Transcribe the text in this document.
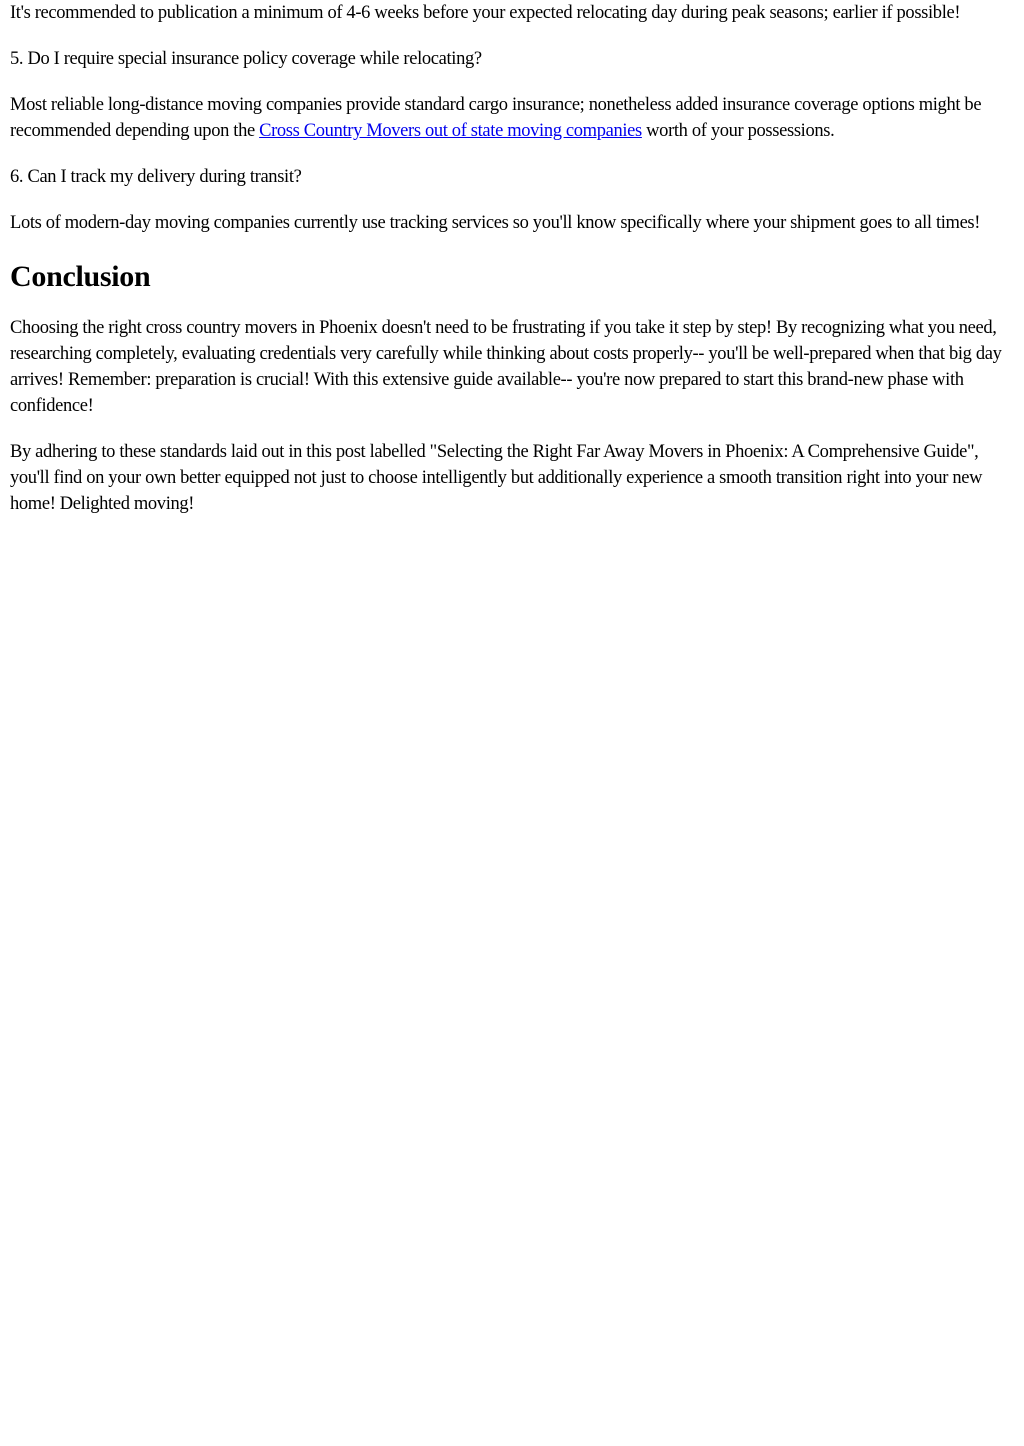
It's recommended to publication a minimum of 4-6 weeks before your expected relocating day during peak seasons; earlier if possible!

5. Do I require special insurance policy coverage while relocating?

Most reliable long-distance moving companies provide standard cargo insurance; nonetheless added insurance coverage options might be recommended depending upon the Cross Country Movers out of state moving companies worth of your possessions.

6. Can I track my delivery during transit?

Lots of modern-day moving companies currently use tracking services so you'll know specifically where your shipment goes to all times!

Conclusion

Choosing the right cross country movers in Phoenix doesn't need to be frustrating if you take it step by step! By recognizing what you need, researching completely, evaluating credentials very carefully while thinking about costs properly-- you'll be well-prepared when that big day arrives! Remember: preparation is crucial! With this extensive guide available-- you're now prepared to start this brand-new phase with confidence!

By adhering to these standards laid out in this post labelled "Selecting the Right Far Away Movers in Phoenix: A Comprehensive Guide", you'll find on your own better equipped not just to choose intelligently but additionally experience a smooth transition right into your new home! Delighted moving!
